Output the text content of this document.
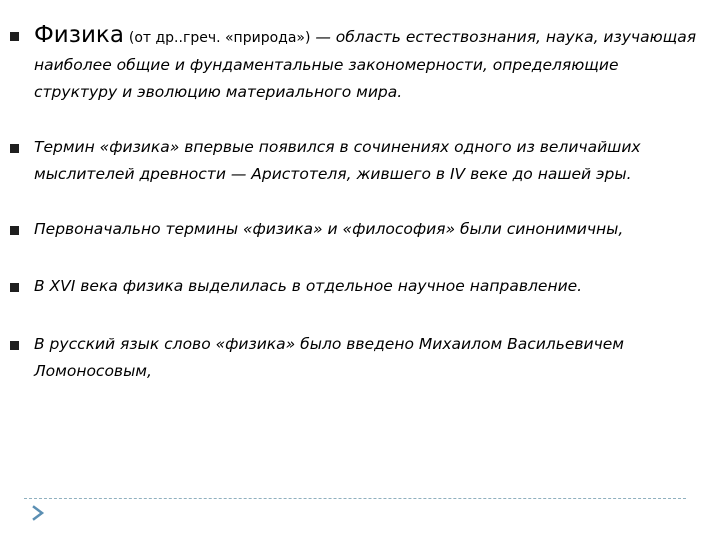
Физика (от др..греч. «природа») — область естествознания, наука, изучающая наиболее общие и фундаментальные закономерности, определяющие структуру и эволюцию материального мира.
Термин «физика» впервые появился в сочинениях одного из величайших мыслителей древности — Аристотеля, жившего в IV веке до нашей эры.
Первоначально термины «физика» и «философия» были синонимичны,
В XVI века физика выделилась в отдельное научное направление.
В русский язык слово «физика» было введено Михаилом Васильевичем Ломоносовым,
